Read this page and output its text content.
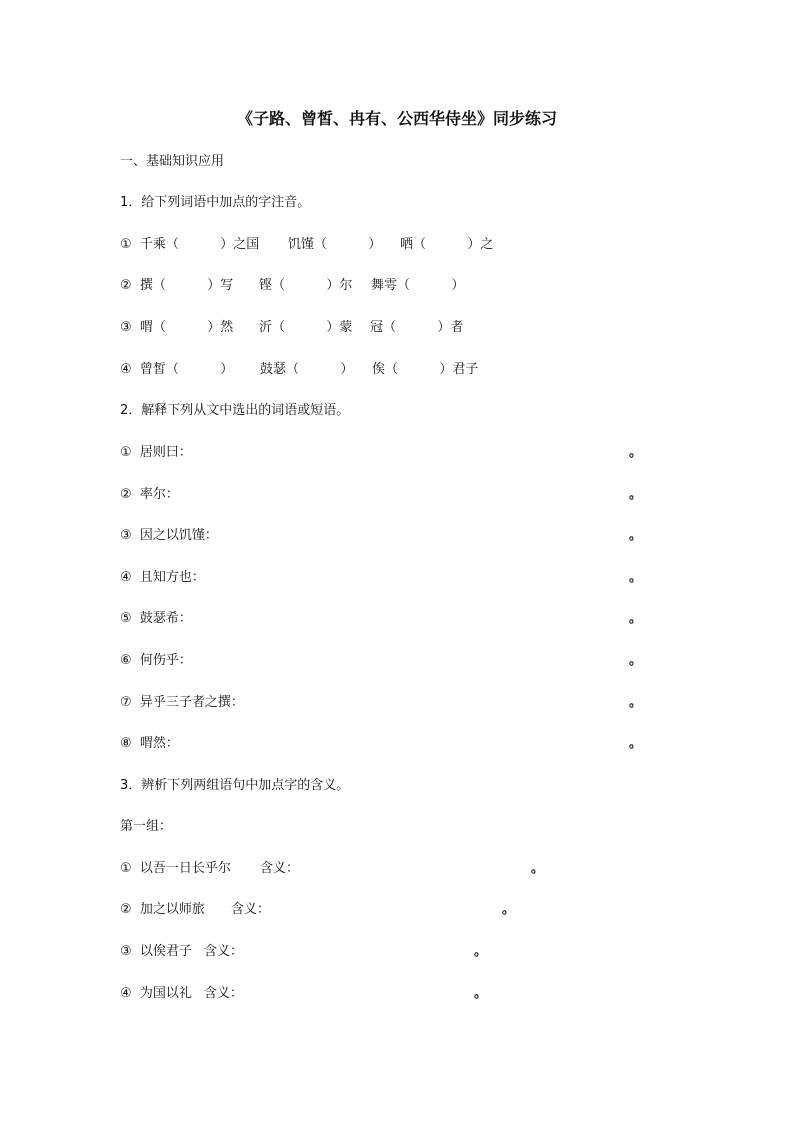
《子路、曾皙、冉有、公西华侍坐》同步练习
一、基础知识应用
1．给下列词语中加点的字注音。

①  千乘（          ）之国

饥馑（          ）

哂（          ）之

②  撰（          ）写

铿（          ）尔

舞雩（          ）

③  喟（          ）然

沂（          ）蒙

冠（          ）者

④  曾皙（          ）

鼓瑟（          ）

俟（          ）君子

2．解释下列从文中选出的词语或短语。

①  居则曰：

	。

②  率尔：

	。

③  因之以饥馑：

	。

④  且知方也：

	。

⑤  鼓瑟希：

	。

⑥  何伤乎：

	。

⑦  异乎三子者之撰：

	。

⑧  喟然：

	。

3．辨析下列两组语句中加点字的含义。
第一组：

①  以吾一日长乎尔

含义：

	。

②  加之以师旅

含义：

	。

③  以俟君子

含义：

	。

④  为国以礼

含义：

	。
